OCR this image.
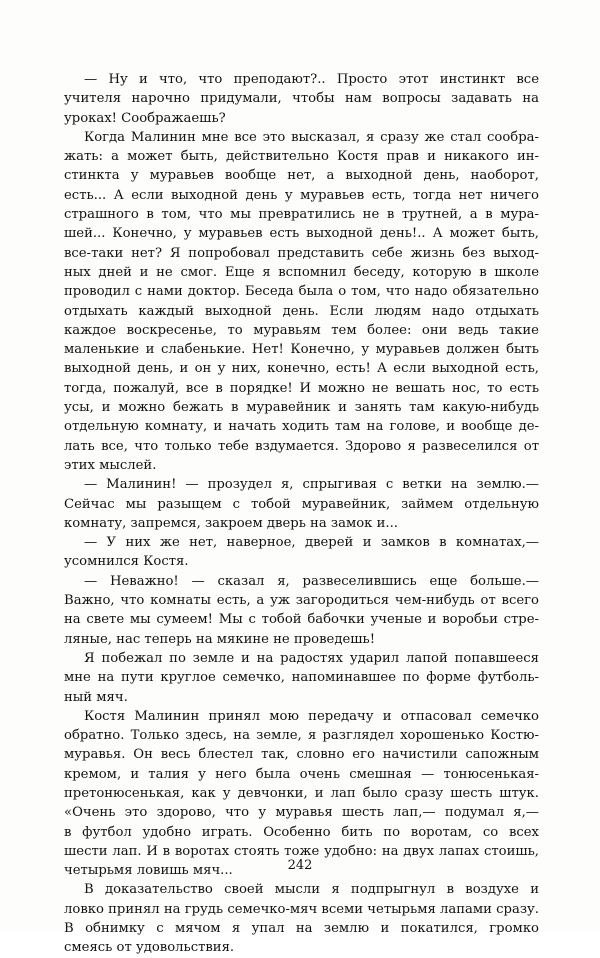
— Ну и что, что преподают?.. Просто этот инстинкт все
учителя нарочно придумали, чтобы нам вопросы задавать на
уроках! Соображаешь?
Когда Малинин мне все это высказал, я сразу же стал сообра-
жать: а может быть, действительно Костя прав и никакого ин-
стинкта у муравьев вообще нет, а выходной день, наоборот,
есть... А если выходной день у муравьев есть, тогда нет ничего
страшного в том, что мы превратились не в трутней, а в мура-
шей... Конечно, у муравьев есть выходной день!.. А может быть,
все-таки нет? Я попробовал представить себе жизнь без выход-
ных дней и не смог. Еще я вспомнил беседу, которую в школе
проводил с нами доктор. Беседа была о том, что надо обязательно
отдыхать каждый выходной день. Если людям надо отдыхать
каждое воскресенье, то муравьям тем более: они ведь такие
маленькие и слабенькие. Нет! Конечно, у муравьев должен быть
выходной день, и он у них, конечно, есть! А если выходной есть,
тогда, пожалуй, все в порядке! И можно не вешать нос, то есть
усы, и можно бежать в муравейник и занять там какую-нибудь
отдельную комнату, и начать ходить там на голове, и вообще де-
лать все, что только тебе вздумается. Здорово я развеселился от
этих мыслей.
— Малинин! — прозудел я, спрыгивая с ветки на землю.—
Сейчас мы разыщем с тобой муравейник, займем отдельную
комнату, запремся, закроем дверь на замок и...
— У них же нет, наверное, дверей и замков в комнатах,—
усомнился Костя.
— Неважно! — сказал я, развеселившись еще больше.—
Важно, что комнаты есть, а уж загородиться чем-нибудь от всего
на свете мы сумеем! Мы с тобой бабочки ученые и воробьи стре-
ляные, нас теперь на мякине не проведешь!
Я побежал по земле и на радостях ударил лапой попавшееся
мне на пути круглое семечко, напоминавшее по форме футболь-
ный мяч.
Костя Малинин принял мою передачу и отпасовал семечко
обратно. Только здесь, на земле, я разглядел хорошенько Костю-
муравья. Он весь блестел так, словно его начистили сапожным
кремом, и талия у него была очень смешная — тонюсенькая-
претонюсенькая, как у девчонки, и лап было сразу шесть штук.
«Очень это здорово, что у муравья шесть лап,— подумал я,—
в футбол удобно играть. Особенно бить по воротам, со всех
шести лап. И в воротах стоять тоже удобно: на двух лапах стоишь,
четырьмя ловишь мяч...
В доказательство своей мысли я подпрыгнул в воздухе и
ловко принял на грудь семечко-мяч всеми четырьмя лапами сразу.
В обнимку с мячом я упал на землю и покатился, громко
смеясь от удовольствия.
242
